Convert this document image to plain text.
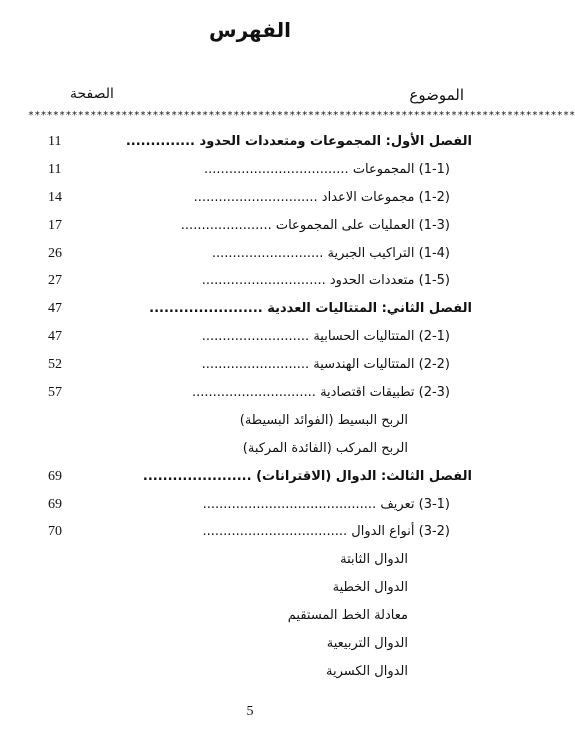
الفهرس
الموضوع
الصفحة
****************************************************************************************
11	الفصل الأول: المجموعات ومتعددات الحدود ..............
11	(1-1) المجموعات ...................................
14	(1-2) مجموعات الاعداد ..............................
17	(1-3) العمليات على المجموعات ......................
26	(1-4) التراكيب الجبرية ...........................
27	(1-5) متعددات الحدود ..............................
47	الفصل الثاني: المتتاليات العددية .......................
47	(2-1) المتتاليات الحسابية ..........................
52	(2-2) المتتاليات الهندسية ..........................
57	(2-3) تطبيقات اقتصادية ..............................
الربح البسيط (الفوائد البسيطة)
الربح المركب (الفائدة المركبة)
69	الفصل الثالث: الدوال (الاقترانات) ......................
69	(3-1) تعريف ..........................................
70	(3-2) أنواع الدوال ...................................
الدوال الثابتة
الدوال الخطية
معادلة الخط المستقيم
الدوال التربيعية
الدوال الكسرية
5
